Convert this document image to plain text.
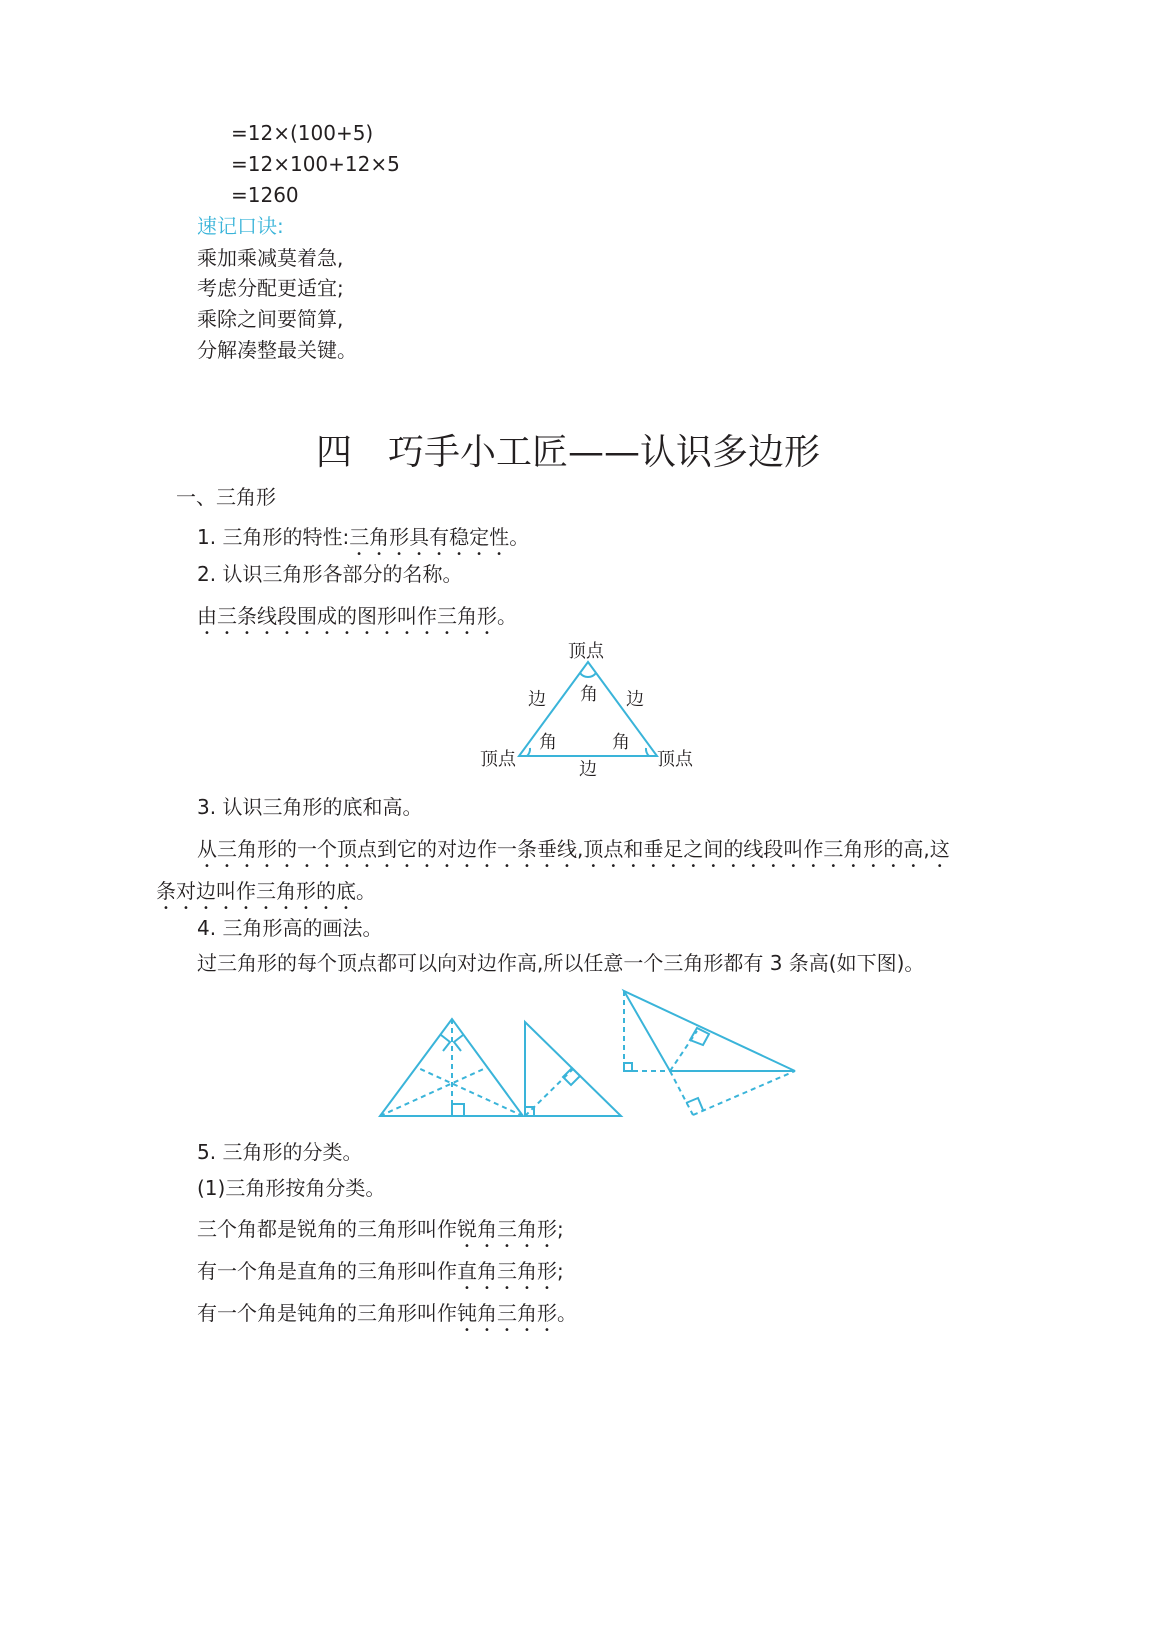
=12×(100+5)
=12×100+12×5
=1260
速记口诀:
乘加乘减莫着急,
考虑分配更适宜;
乘除之间要简算,
分解凑整最关键。
四　巧手小工匠——认识多边形
一、三角形
1. 三角形的特性:三角形具有稳定性。
2. 认识三角形各部分的名称。
由三条线段围成的图形叫作三角形。
顶点
顶点	顶点
边	边
边
角
角	角
3. 认识三角形的底和高。
从三角形的一个顶点到它的对边作一条垂线,顶点和垂足之间的线段叫作三角形的高,这
条对边叫作三角形的底。
4. 三角形高的画法。
过三角形的每个顶点都可以向对边作高,所以任意一个三角形都有 3 条高(如下图)。
5. 三角形的分类。
(1)三角形按角分类。
三个角都是锐角的三角形叫作锐角三角形;
有一个角是直角的三角形叫作直角三角形;
有一个角是钝角的三角形叫作钝角三角形。
